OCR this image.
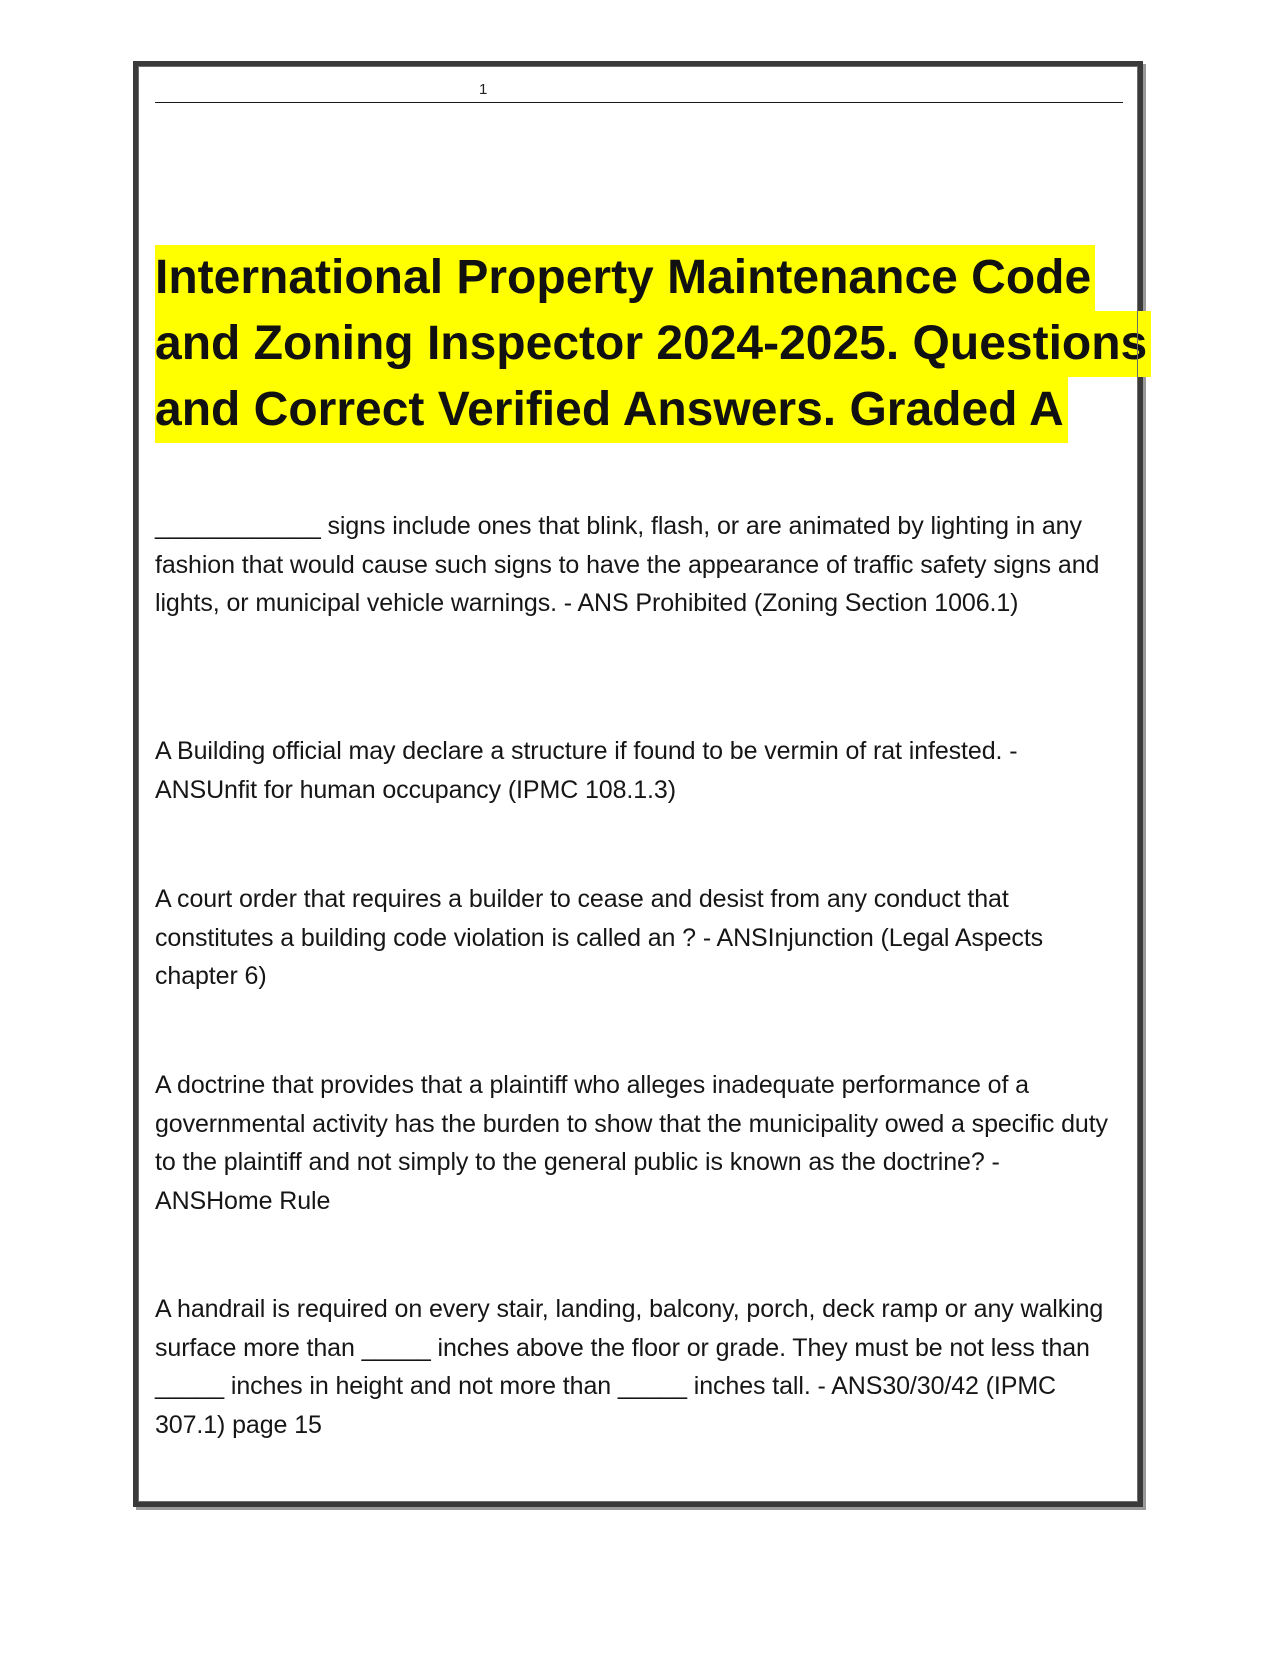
1
International Property Maintenance Code
and Zoning Inspector 2024-2025. Questions
and Correct Verified Answers. Graded A
____________ signs include ones that blink, flash, or are animated by lighting in any fashion that would cause such signs to have the appearance of traffic safety signs and lights, or municipal vehicle warnings. - ANS Prohibited (Zoning Section 1006.1)
A Building official may declare a structure if found to be vermin of rat infested. - ANSUnfit for human occupancy (IPMC 108.1.3)
A court order that requires a builder to cease and desist from any conduct that constitutes a building code violation is called an ? - ANSInjunction (Legal Aspects chapter 6)
A doctrine that provides that a plaintiff who alleges inadequate performance of a governmental activity has the burden to show that the municipality owed a specific duty to the plaintiff and not simply to the general public is known as the doctrine? - ANSHome Rule
A handrail is required on every stair, landing, balcony, porch, deck ramp or any walking surface more than _____ inches above the floor or grade. They must be not less than _____ inches in height and not more than _____ inches tall. - ANS30/30/42 (IPMC 307.1) page 15
